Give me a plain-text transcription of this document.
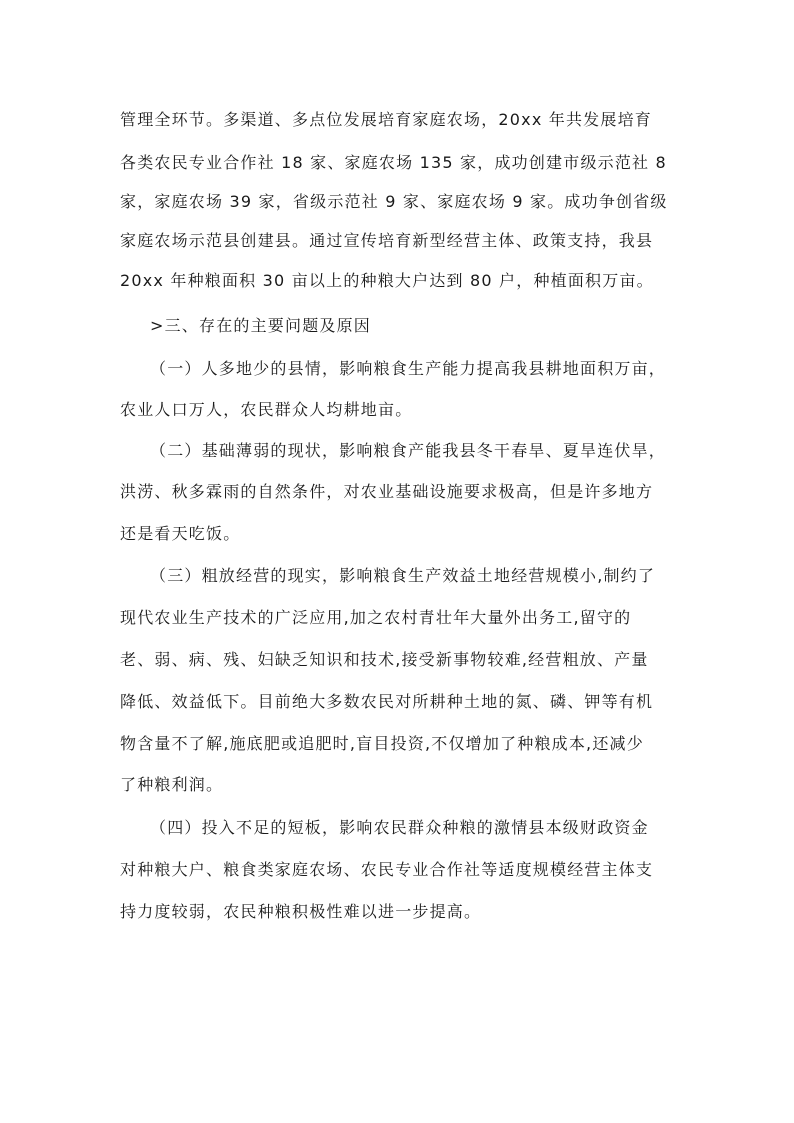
管理全环节。多渠道、多点位发展培育家庭农场，20xx 年共发展培育
各类农民专业合作社 18 家、家庭农场 135 家，成功创建市级示范社 8
家，家庭农场 39 家，省级示范社 9 家、家庭农场 9 家。成功争创省级
家庭农场示范县创建县。通过宣传培育新型经营主体、政策支持，我县
20xx 年种粮面积 30 亩以上的种粮大户达到 80 户，种植面积万亩。
>三、存在的主要问题及原因
（一）人多地少的县情，影响粮食生产能力提高我县耕地面积万亩，
农业人口万人，农民群众人均耕地亩。
（二）基础薄弱的现状，影响粮食产能我县冬干春旱、夏旱连伏旱，
洪涝、秋多霖雨的自然条件，对农业基础设施要求极高，但是许多地方
还是看天吃饭。
（三）粗放经营的现实，影响粮食生产效益土地经营规模小,制约了
现代农业生产技术的广泛应用,加之农村青壮年大量外出务工,留守的
老、弱、病、残、妇缺乏知识和技术,接受新事物较难,经营粗放、产量
降低、效益低下。目前绝大多数农民对所耕种土地的氮、磷、钾等有机
物含量不了解,施底肥或追肥时,盲目投资,不仅增加了种粮成本,还减少
了种粮利润。
（四）投入不足的短板，影响农民群众种粮的激情县本级财政资金
对种粮大户、粮食类家庭农场、农民专业合作社等适度规模经营主体支
持力度较弱，农民种粮积极性难以进一步提高。
